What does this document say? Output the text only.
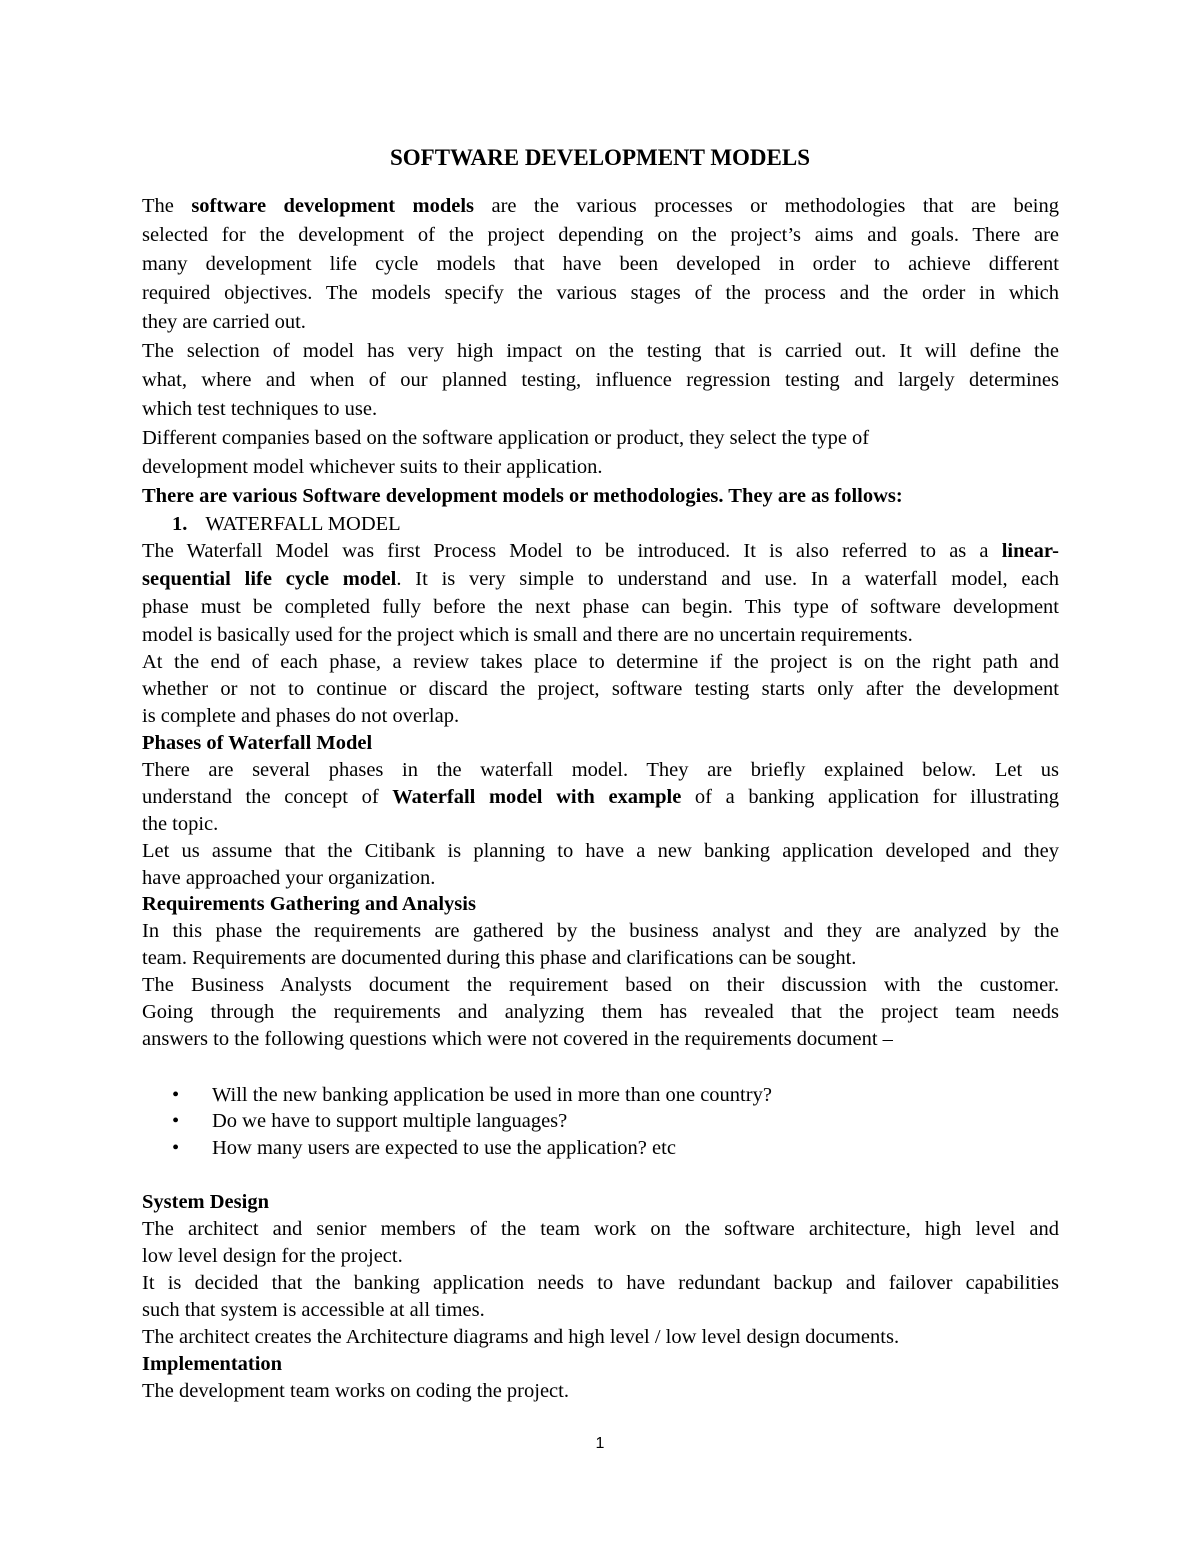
SOFTWARE DEVELOPMENT MODELS
The software development models are the various processes or methodologies that are being
selected for the development of the project depending on the project’s aims and goals. There are
many development life cycle models that have been developed in order to achieve different
required objectives. The models specify the various stages of the process and the order in which
they are carried out.
The selection of model has very high impact on the testing that is carried out. It will define the
what, where and when of our planned testing, influence regression testing and largely determines
which test techniques to use.
Different companies based on the software application or product, they select the type of
development model whichever suits to their application.
There are various Software development models or methodologies. They are as follows:
1. WATERFALL MODEL
The Waterfall Model was first Process Model to be introduced. It is also referred to as a linear-
sequential life cycle model. It is very simple to understand and use. In a waterfall model, each
phase must be completed fully before the next phase can begin. This type of software development
model is basically used for the project which is small and there are no uncertain requirements.
At the end of each phase, a review takes place to determine if the project is on the right path and
whether or not to continue or discard the project, software testing starts only after the development
is complete and phases do not overlap.
Phases of Waterfall Model
There are several phases in the waterfall model. They are briefly explained below. Let us
understand the concept of Waterfall model with example of a banking application for illustrating
the topic.
Let us assume that the Citibank is planning to have a new banking application developed and they
have approached your organization.
Requirements Gathering and Analysis
In this phase the requirements are gathered by the business analyst and they are analyzed by the
team. Requirements are documented during this phase and clarifications can be sought.
The Business Analysts document the requirement based on their discussion with the customer.
Going through the requirements and analyzing them has revealed that the project team needs
answers to the following questions which were not covered in the requirements document –
•	Will the new banking application be used in more than one country?
•	Do we have to support multiple languages?
•	How many users are expected to use the application? etc
System Design
The architect and senior members of the team work on the software architecture, high level and
low level design for the project.
It is decided that the banking application needs to have redundant backup and failover capabilities
such that system is accessible at all times.
The architect creates the Architecture diagrams and high level / low level design documents.
Implementation
The development team works on coding the project.
1
